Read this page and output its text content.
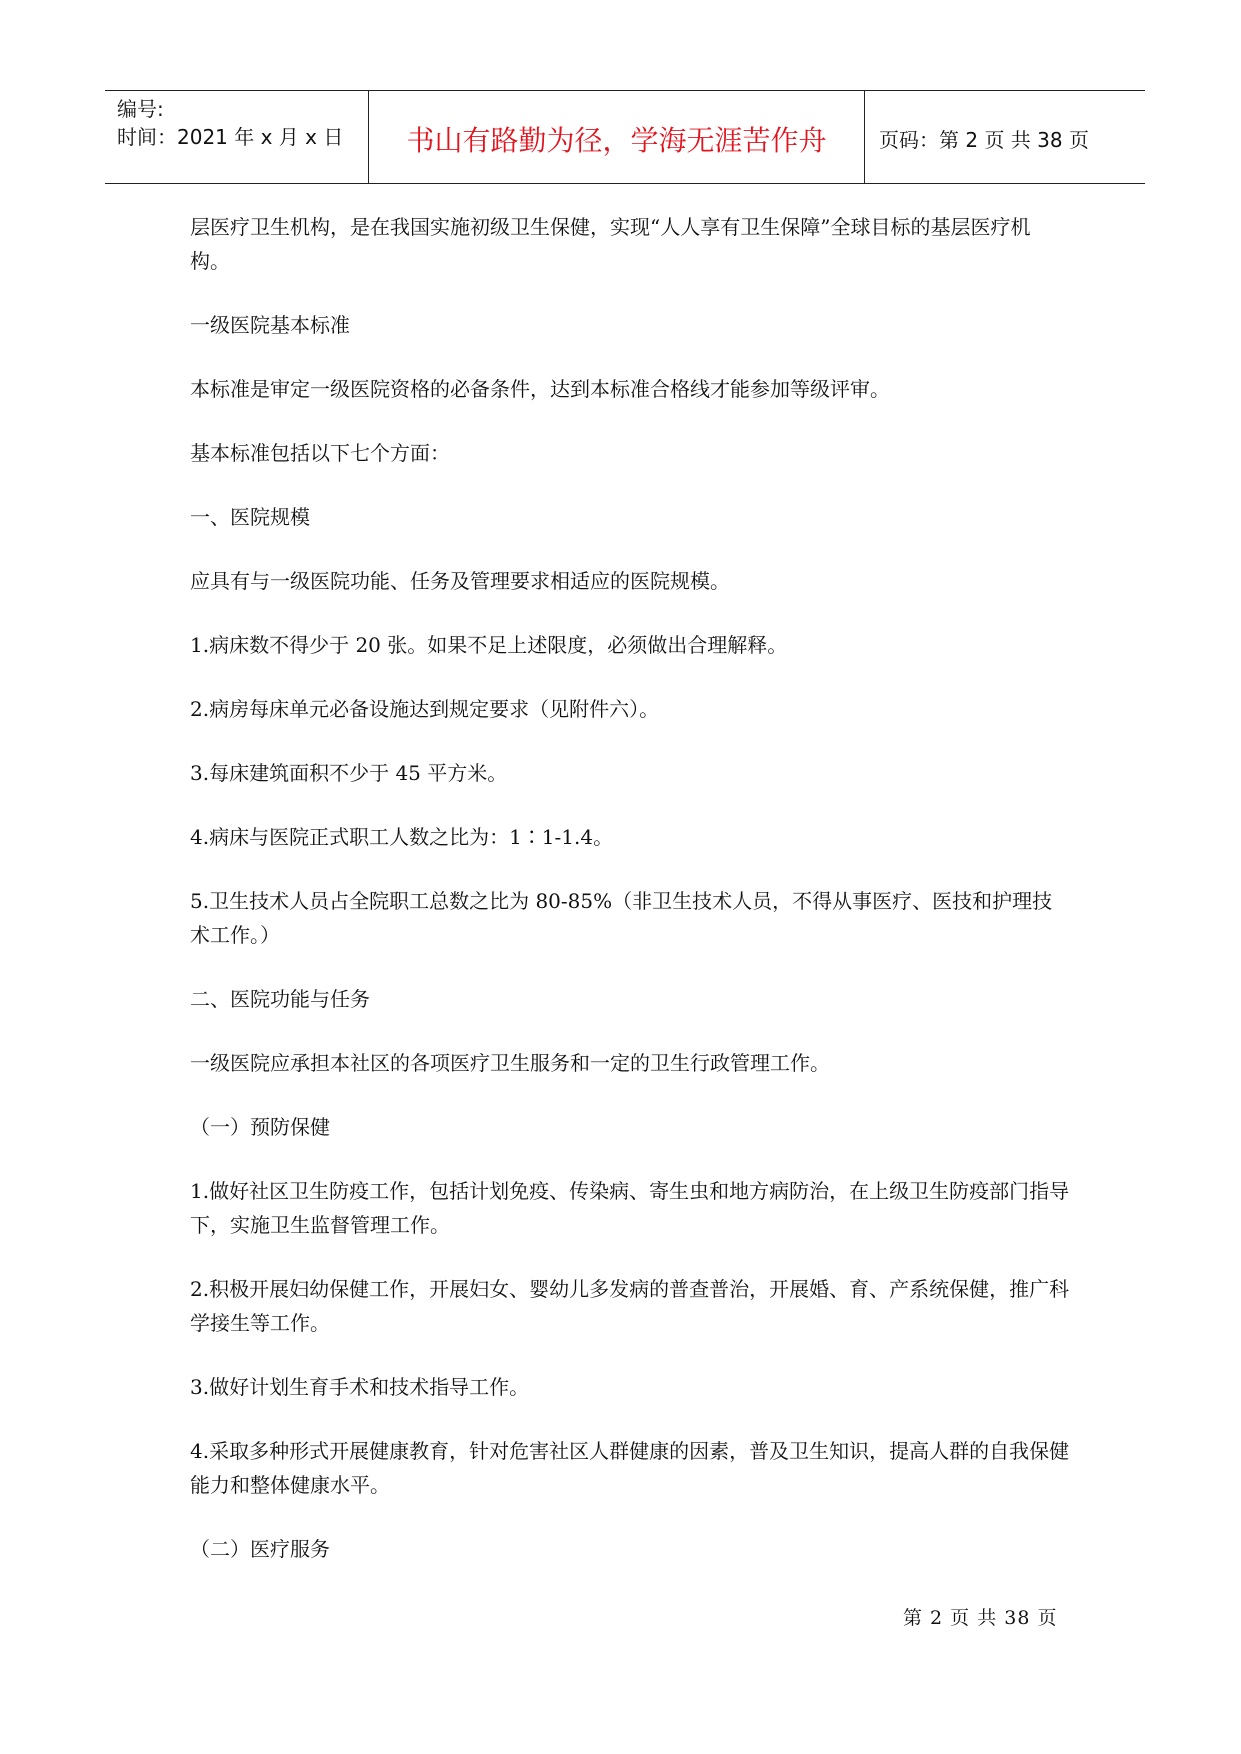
编号:
时间：2021 年 x 月 x 日	书山有路勤为径，学海无涯苦作舟	页码：第 2 页 共 38 页

层医疗卫生机构，是在我国实施初级卫生保健，实现“人人享有卫生保障”全球目标的基层医疗机构。

一级医院基本标准

本标准是审定一级医院资格的必备条件，达到本标准合格线才能参加等级评审。

基本标准包括以下七个方面：

一、医院规模

应具有与一级医院功能、任务及管理要求相适应的医院规模。

1.病床数不得少于 20 张。如果不足上述限度，必须做出合理解释。

2.病房每床单元必备设施达到规定要求（见附件六）。

3.每床建筑面积不少于 45 平方米。

4.病床与医院正式职工人数之比为：1∶1-1.4。

5.卫生技术人员占全院职工总数之比为 80-85%（非卫生技术人员，不得从事医疗、医技和护理技术工作。）

二、医院功能与任务

一级医院应承担本社区的各项医疗卫生服务和一定的卫生行政管理工作。

（一）预防保健

1.做好社区卫生防疫工作，包括计划免疫、传染病、寄生虫和地方病防治，在上级卫生防疫部门指导下，实施卫生监督管理工作。

2.积极开展妇幼保健工作，开展妇女、婴幼儿多发病的普查普治，开展婚、育、产系统保健，推广科学接生等工作。

3.做好计划生育手术和技术指导工作。

4.采取多种形式开展健康教育，针对危害社区人群健康的因素，普及卫生知识，提高人群的自我保健能力和整体健康水平。

（二）医疗服务

第 2 页 共 38 页
